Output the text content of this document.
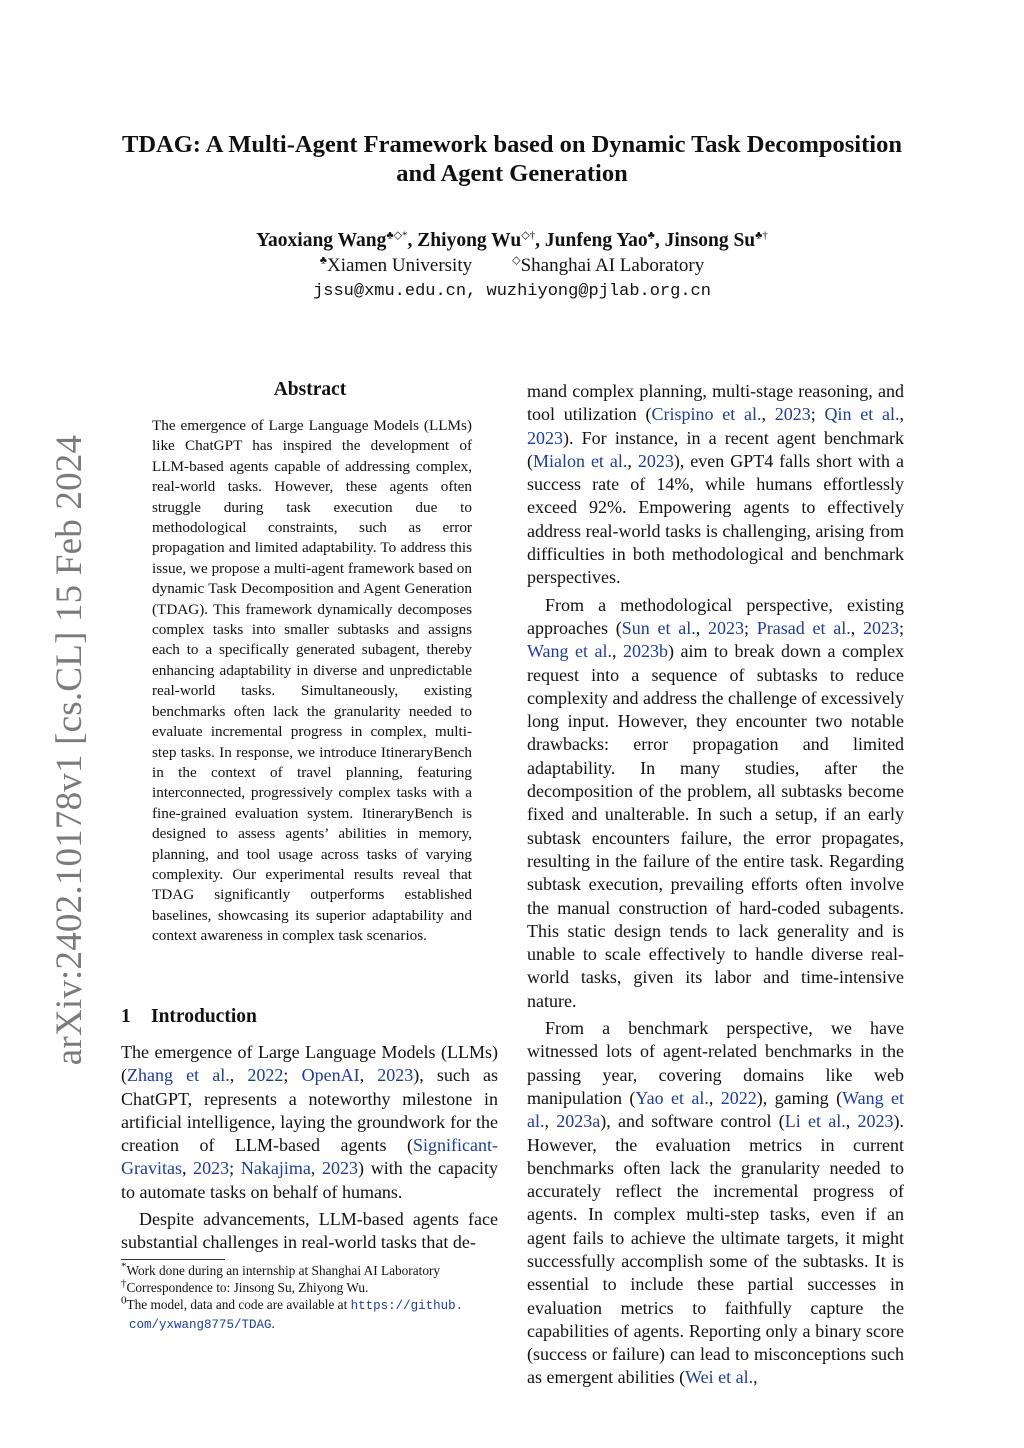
arXiv:2402.10178v1 [cs.CL] 15 Feb 2024
TDAG: A Multi-Agent Framework based on Dynamic Task Decomposition
and Agent Generation
Yaoxiang Wang♣◇*, Zhiyong Wu◇†, Junfeng Yao♣, Jinsong Su♣†
♣Xiamen University	◇Shanghai AI Laboratory
jssu@xmu.edu.cn, wuzhiyong@pjlab.org.cn
Abstract

The emergence of Large Language Models (LLMs) like ChatGPT has inspired the development of LLM-based agents capable of addressing complex, real-world tasks. However, these agents often struggle during task execution due to methodological constraints, such as error propagation and limited adaptability. To address this issue, we propose a multi-agent framework based on dynamic Task Decomposition and Agent Generation (TDAG). This framework dynamically decomposes complex tasks into smaller subtasks and assigns each to a specifically generated subagent, thereby enhancing adaptability in diverse and unpredictable real-world tasks. Simultaneously, existing benchmarks often lack the granularity needed to evaluate incremental progress in complex, multi-step tasks. In response, we introduce ItineraryBench in the context of travel planning, featuring interconnected, progressively complex tasks with a fine-grained evaluation system. ItineraryBench is designed to assess agents’ abilities in memory, planning, and tool usage across tasks of varying complexity. Our experimental results reveal that TDAG significantly outperforms established baselines, showcasing its superior adaptability and context awareness in complex task scenarios.

1 Introduction

The emergence of Large Language Models (LLMs) (Zhang et al., 2022; OpenAI, 2023), such as ChatGPT, represents a noteworthy milestone in artificial intelligence, laying the groundwork for the creation of LLM-based agents (Significant-Gravitas, 2023; Nakajima, 2023) with the capacity to automate tasks on behalf of humans.

Despite advancements, LLM-based agents face substantial challenges in real-world tasks that de-

*Work done during an internship at Shanghai AI Laboratory
†Correspondence to: Jinsong Su, Zhiyong Wu.
$^0$The model, data and code are available at https://github.
com/yxwang8775/TDAG.

mand complex planning, multi-stage reasoning, and tool utilization (Crispino et al., 2023; Qin et al., 2023). For instance, in a recent agent benchmark (Mialon et al., 2023), even GPT4 falls short with a success rate of 14%, while humans effortlessly exceed 92%. Empowering agents to effectively address real-world tasks is challenging, arising from difficulties in both methodological and benchmark perspectives.

From a methodological perspective, existing approaches (Sun et al., 2023; Prasad et al., 2023; Wang et al., 2023b) aim to break down a complex request into a sequence of subtasks to reduce complexity and address the challenge of excessively long input. However, they encounter two notable drawbacks: error propagation and limited adaptability. In many studies, after the decomposition of the problem, all subtasks become fixed and unalterable. In such a setup, if an early subtask encounters failure, the error propagates, resulting in the failure of the entire task. Regarding subtask execution, prevailing efforts often involve the manual construction of hard-coded subagents. This static design tends to lack generality and is unable to scale effectively to handle diverse real-world tasks, given its labor and time-intensive nature.

From a benchmark perspective, we have witnessed lots of agent-related benchmarks in the passing year, covering domains like web manipulation (Yao et al., 2022), gaming (Wang et al., 2023a), and software control (Li et al., 2023). However, the evaluation metrics in current benchmarks often lack the granularity needed to accurately reflect the incremental progress of agents. In complex multi-step tasks, even if an agent fails to achieve the ultimate targets, it might successfully accomplish some of the subtasks. It is essential to include these partial successes in evaluation metrics to faithfully capture the capabilities of agents. Reporting only a binary score (success or failure) can lead to misconceptions such as emergent abilities (Wei et al.,
